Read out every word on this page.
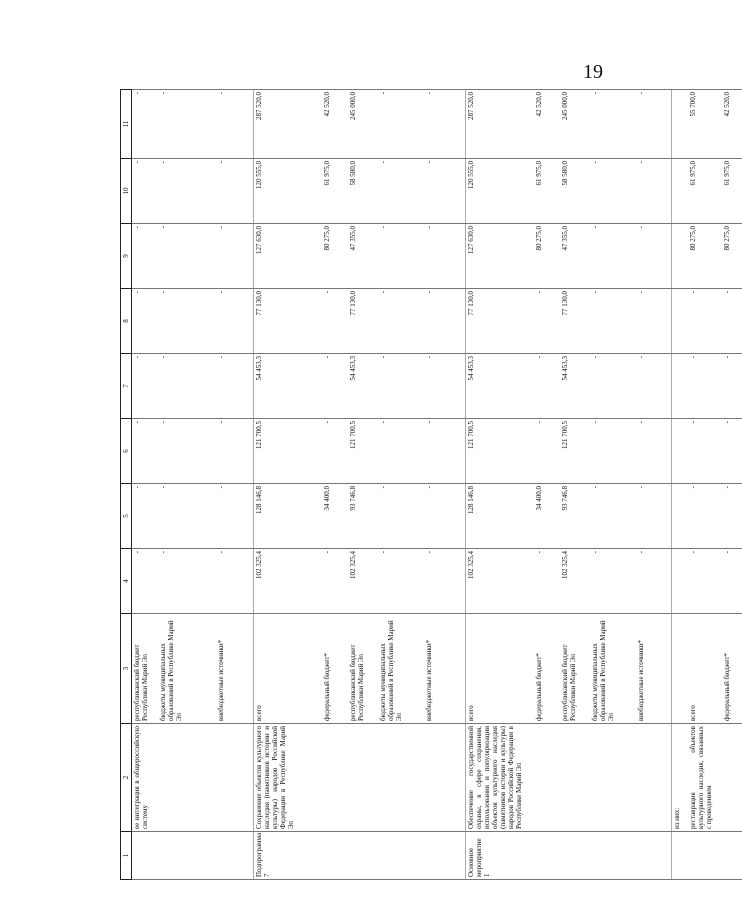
19
1	2	3	4	5	6	7	8	9	10	11
	ее интеграция в общероссийскую систему	республиканский бюджет Республики Марий Эл	-	-	-	-	-	-	-	-
		бюджеты муниципальных образований в Республике Марий Эл	-	-	-	-	-	-	-	-
		внебюджетные источники*	-	-	-	-	-	-	-	-
Подпрограмма 7	Сохранение объектов культурного наследия (памятников истории и культуры) народов Российской Федерации в Республике Марий Эл	всего	102 325,4	128 146,8	121 700,5	54 453,3	77 130,0	127 630,0	120 555,0	287 520,0
		федеральный бюджет*	-	34 400,0	-	-	-	80 275,0	61 975,0	42 520,0
		республиканский бюджет Республики Марий Эл	102 325,4	93 746,8	121 700,5	54 453,3	77 130,0	47 355,0	58 580,0	245 000,0
		бюджеты муниципальных образований в Республике Марий Эл	-	-	-	-	-	-	-	-
		внебюджетные источники*	-	-	-	-	-	-	-	-
Основное мероприятие 1	Обеспечение государственной охраны, в сфере сохранения, использования и популяризации объектов культурного наследия (памятников истории и культуры) народов Российской Федерации в Республике Марий Эл	всего	102 325,4	128 146,8	121 700,5	54 453,3	77 130,0	127 630,0	120 555,0	287 520,0
		федеральный бюджет*	-	34 400,0	-	-	-	80 275,0	61 975,0	42 520,0
		республиканский бюджет Республики Марий Эл	102 325,4	93 746,8	121 700,5	54 453,3	77 130,0	47 355,0	58 580,0	245 000,0
		бюджеты муниципальных образований в Республике Марий Эл	-	-	-	-	-	-	-	-
		внебюджетные источники*	-	-	-	-	-	-	-	-
	из них:									
	реставрация объектов культурного наследия, связанных с проведением	всего	-	-	-	-	-	80 275,0	61 975,0	55 700,0
		федеральный бюджет*	-	-	-	-	-	80 275,0	61 975,0	42 520,0
